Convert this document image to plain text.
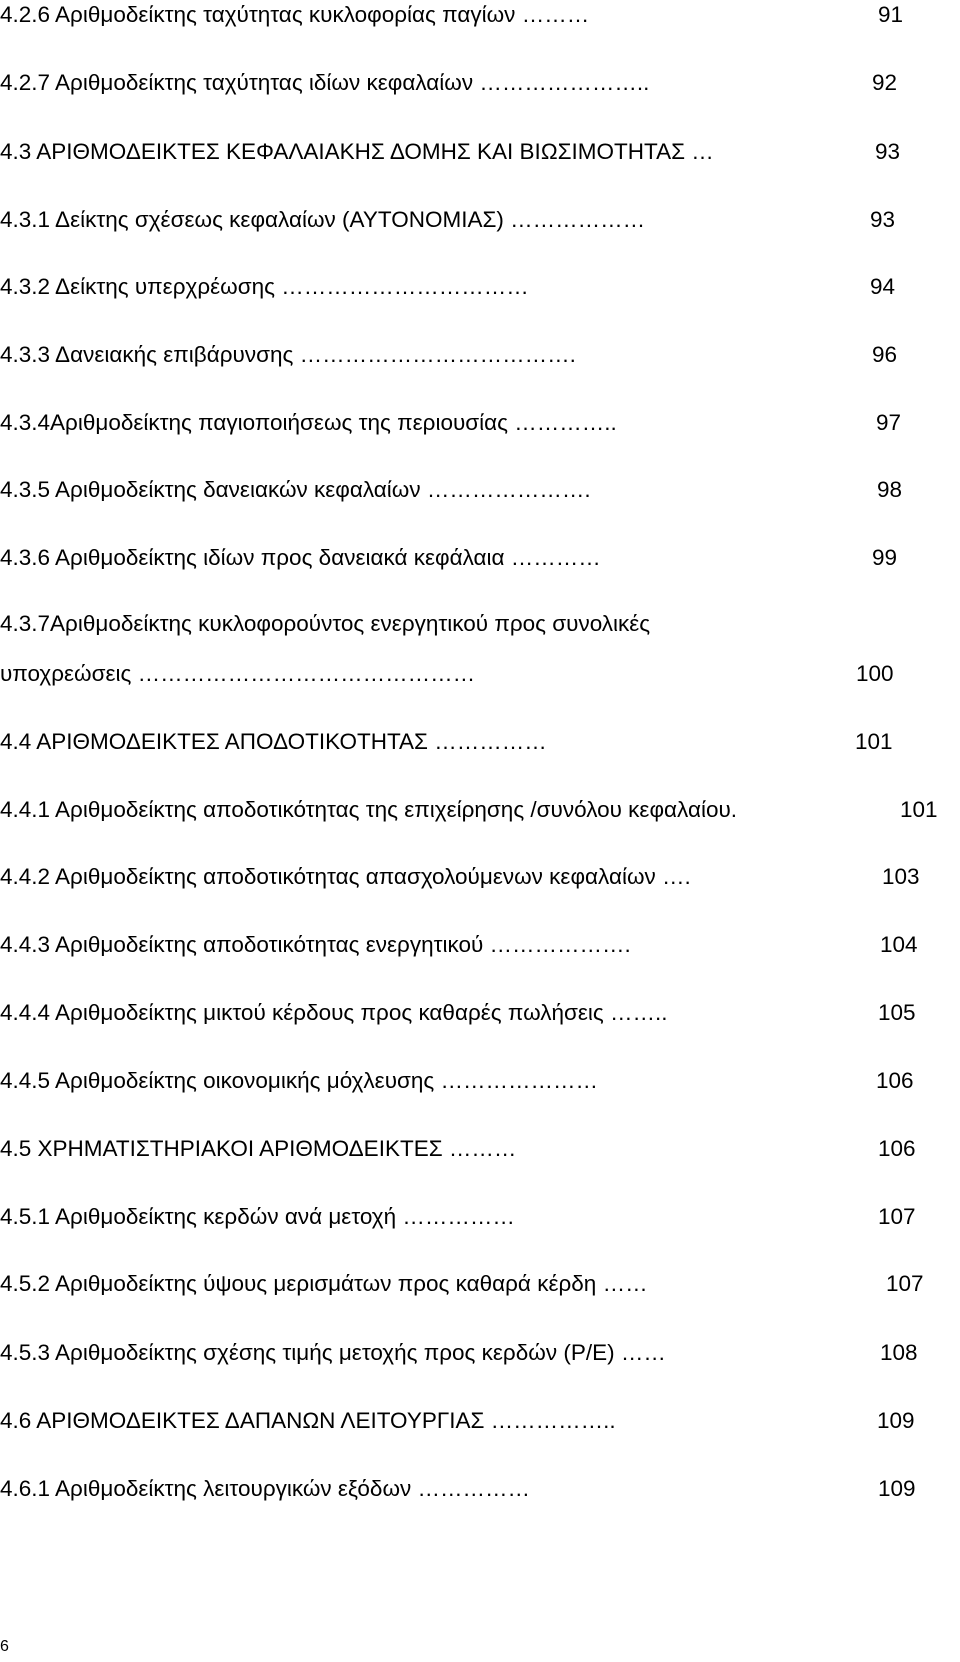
4.2.6 Αριθμοδείκτης ταχύτητας κυκλοφορίας παγίων ………	91
4.2.7 Αριθμοδείκτης ταχύτητας ιδίων κεφαλαίων …………………..	92
4.3 ΑΡΙΘΜΟΔΕΙΚΤΕΣ ΚΕΦΑΛΑΙΑΚΗΣ ΔΟΜΗΣ ΚΑΙ ΒΙΩΣΙΜΟΤΗΤΑΣ …	93
4.3.1 Δείκτης σχέσεως κεφαλαίων (ΑΥΤΟΝΟΜΙΑΣ) ………………	93
4.3.2 Δείκτης υπερχρέωσης ……………………………	94
4.3.3 Δανειακής επιβάρυνσης ……………………………….	96
4.3.4Αριθμοδείκτης παγιοποιήσεως της περιουσίας …………..	97
4.3.5 Αριθμοδείκτης δανειακών κεφαλαίων ………………….	98
4.3.6 Αριθμοδείκτης ιδίων προς δανειακά κεφάλαια …………	99
4.3.7Αριθμοδείκτης κυκλοφορούντος ενεργητικού προς συνολικές
υποχρεώσεις ………………………………………	100
4.4 ΑΡΙΘΜΟΔΕΙΚΤΕΣ ΑΠΟΔΟΤΙΚΟΤΗΤΑΣ ……………	101
4.4.1 Αριθμοδείκτης αποδοτικότητας της επιχείρησης /συνόλου κεφαλαίου.	101
4.4.2 Αριθμοδείκτης αποδοτικότητας απασχολούμενων κεφαλαίων ….	103
4.4.3 Αριθμοδείκτης αποδοτικότητας ενεργητικού ……………….	104
4.4.4 Αριθμοδείκτης μικτού κέρδους προς καθαρές πωλήσεις ……..	105
4.4.5 Αριθμοδείκτης οικονομικής μόχλευσης …………………	106
4.5 ΧΡΗΜΑΤΙΣΤΗΡΙΑΚΟΙ ΑΡΙΘΜΟΔΕΙΚΤΕΣ ………	106
4.5.1 Αριθμοδείκτης κερδών ανά μετοχή ……………	107
4.5.2 Αριθμοδείκτης ύψους μερισμάτων προς καθαρά κέρδη ……	107
4.5.3 Αριθμοδείκτης σχέσης τιμής μετοχής προς κερδών (P/E) ……	108
4.6 ΑΡΙΘΜΟΔΕΙΚΤΕΣ ΔΑΠΑΝΩΝ ΛΕΙΤΟΥΡΓΙΑΣ ……………..	109
4.6.1 Αριθμοδείκτης λειτουργικών εξόδων ……………	109
6
